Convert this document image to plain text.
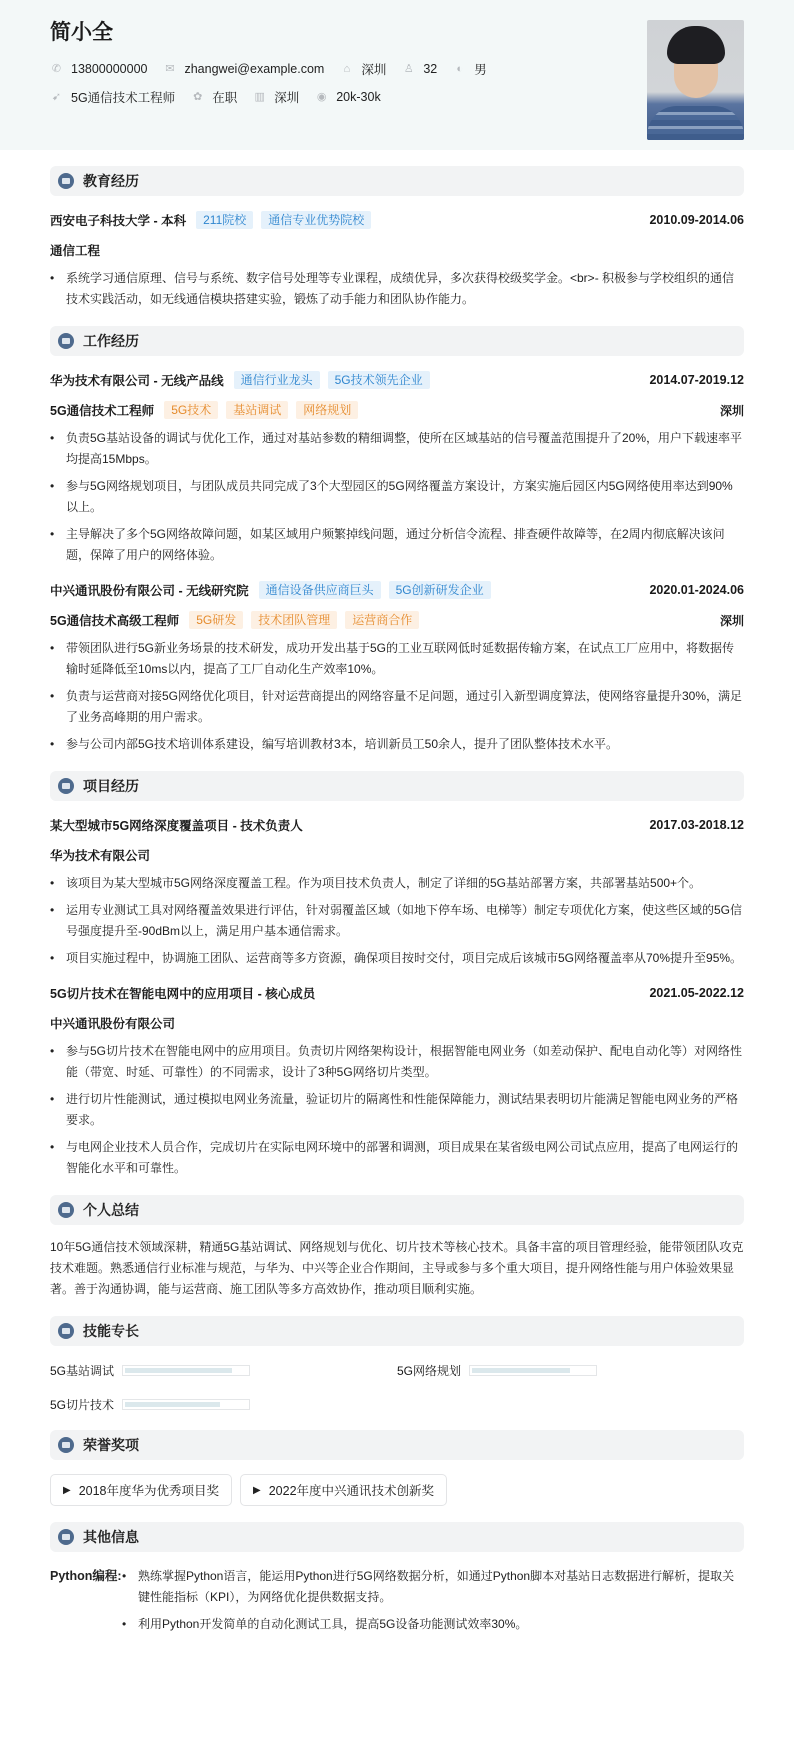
简小全
✆ 13800000000 ✉ zhangwei@example.com ⌂ 深圳 ♙ 32 ◐ 男
➹ 5G通信技术工程师 ✿ 在职 ▥ 深圳 ◉ 20k-30k
教育经历
西安电子科技大学 - 本科	211院校	通信专业优势院校	2010.09-2014.06
通信工程
• 系统学习通信原理、信号与系统、数字信号处理等专业课程，成绩优异，多次获得校级奖学金。<br>- 积极参与学校组织的通信技术实践活动，如无线通信模块搭建实验，锻炼了动手能力和团队协作能力。
工作经历
华为技术有限公司 - 无线产品线	通信行业龙头	5G技术领先企业	2014.07-2019.12
5G通信技术工程师	5G技术	基站调试	网络规划	深圳
• 负责5G基站设备的调试与优化工作，通过对基站参数的精细调整，使所在区域基站的信号覆盖范围提升了20%，用户下载速率平均提高15Mbps。
• 参与5G网络规划项目，与团队成员共同完成了3个大型园区的5G网络覆盖方案设计，方案实施后园区内5G网络使用率达到90%以上。
• 主导解决了多个5G网络故障问题，如某区域用户频繁掉线问题，通过分析信令流程、排查硬件故障等，在2周内彻底解决该问题，保障了用户的网络体验。
中兴通讯股份有限公司 - 无线研究院	通信设备供应商巨头	5G创新研发企业	2020.01-2024.06
5G通信技术高级工程师	5G研发	技术团队管理	运营商合作	深圳
• 带领团队进行5G新业务场景的技术研发，成功开发出基于5G的工业互联网低时延数据传输方案，在试点工厂应用中，将数据传输时延降低至10ms以内，提高了工厂自动化生产效率10%。
• 负责与运营商对接5G网络优化项目，针对运营商提出的网络容量不足问题，通过引入新型调度算法，使网络容量提升30%，满足了业务高峰期的用户需求。
• 参与公司内部5G技术培训体系建设，编写培训教材3本，培训新员工50余人，提升了团队整体技术水平。
项目经历
某大型城市5G网络深度覆盖项目 - 技术负责人	2017.03-2018.12
华为技术有限公司
• 该项目为某大型城市5G网络深度覆盖工程。作为项目技术负责人，制定了详细的5G基站部署方案，共部署基站500+个。
• 运用专业测试工具对网络覆盖效果进行评估，针对弱覆盖区域（如地下停车场、电梯等）制定专项优化方案，使这些区域的5G信号强度提升至-90dBm以上，满足用户基本通信需求。
• 项目实施过程中，协调施工团队、运营商等多方资源，确保项目按时交付，项目完成后该城市5G网络覆盖率从70%提升至95%。
5G切片技术在智能电网中的应用项目 - 核心成员	2021.05-2022.12
中兴通讯股份有限公司
• 参与5G切片技术在智能电网中的应用项目。负责切片网络架构设计，根据智能电网业务（如差动保护、配电自动化等）对网络性能（带宽、时延、可靠性）的不同需求，设计了3种5G网络切片类型。
• 进行切片性能测试，通过模拟电网业务流量，验证切片的隔离性和性能保障能力，测试结果表明切片能满足智能电网业务的严格要求。
• 与电网企业技术人员合作，完成切片在实际电网环境中的部署和调测，项目成果在某省级电网公司试点应用，提高了电网运行的智能化水平和可靠性。
个人总结
10年5G通信技术领域深耕，精通5G基站调试、网络规划与优化、切片技术等核心技术。具备丰富的项目管理经验，能带领团队攻克技术难题。熟悉通信行业标准与规范，与华为、中兴等企业合作期间，主导或参与多个重大项目，提升网络性能与用户体验效果显著。善于沟通协调，能与运营商、施工团队等多方高效协作，推动项目顺利实施。
技能专长
5G基站调试	5G网络规划
5G切片技术
荣誉奖项
▶ 2018年度华为优秀项目奖	▶ 2022年度中兴通讯技术创新奖
其他信息
Python编程:	• 熟练掌握Python语言，能运用Python进行5G网络数据分析，如通过Python脚本对基站日志数据进行解析，提取关键性能指标（KPI），为网络优化提供数据支持。
• 利用Python开发简单的自动化测试工具，提高5G设备功能测试效率30%。
